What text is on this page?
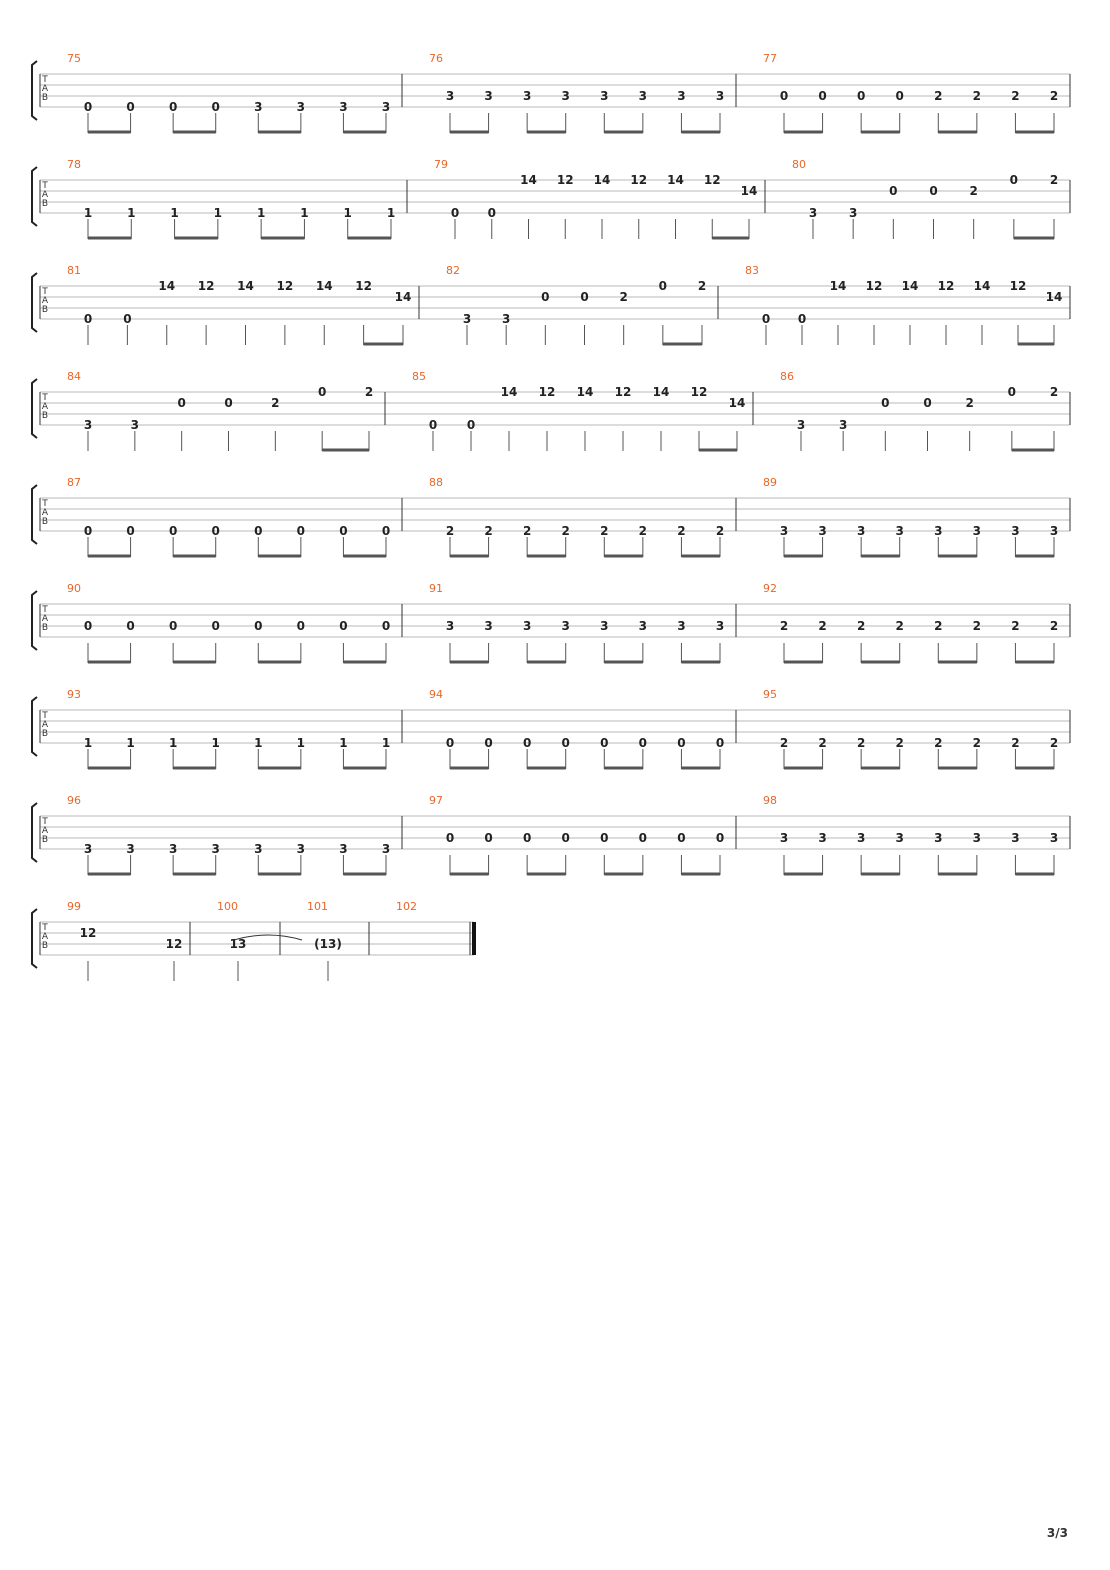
T
A
B
75
0	0	0	0	3	3	3	3
76
3	3	3	3	3	3	3	3
77
0	0	0	0	2	2	2	2
T
A
B
78
1	1	1	1	1	1	1	1
79
0 0
14 12 14 12 14 12
14
80
3	3
0	0	2
0	2
T
A
B
81
0	0
14 12 14 12 14 12
14
82
3	3
0	0	2
0	2
83
0 0
14 12 14 12 14 12
14
T
A
B
84
3	3
0	0	2
0	2
85
0 0
14 12 14 12 14 12
14
86
3	3
0	0	2
0	2
T
A
B
87
0	0	0	0	0	0	0	0
88
2	2	2	2	2	2	2	2
89
3	3	3	3	3	3	3	3
T
A
B
90
0	0	0	0	0	0	0	0
91
3	3	3	3	3	3	3	3
92
2	2	2	2	2	2	2	2
T
A
B
93
1	1	1	1	1	1	1	1
94
0	0	0	0	0	0	0	0
95
2	2	2	2	2	2	2	2
T
A
B
96
3	3	3	3	3	3	3	3
97
0	0	0	0	0	0	0	0
98
3	3	3	3	3	3	3	3
T
A
B
99
12
12
100
13
101
(13)
102
3/3
